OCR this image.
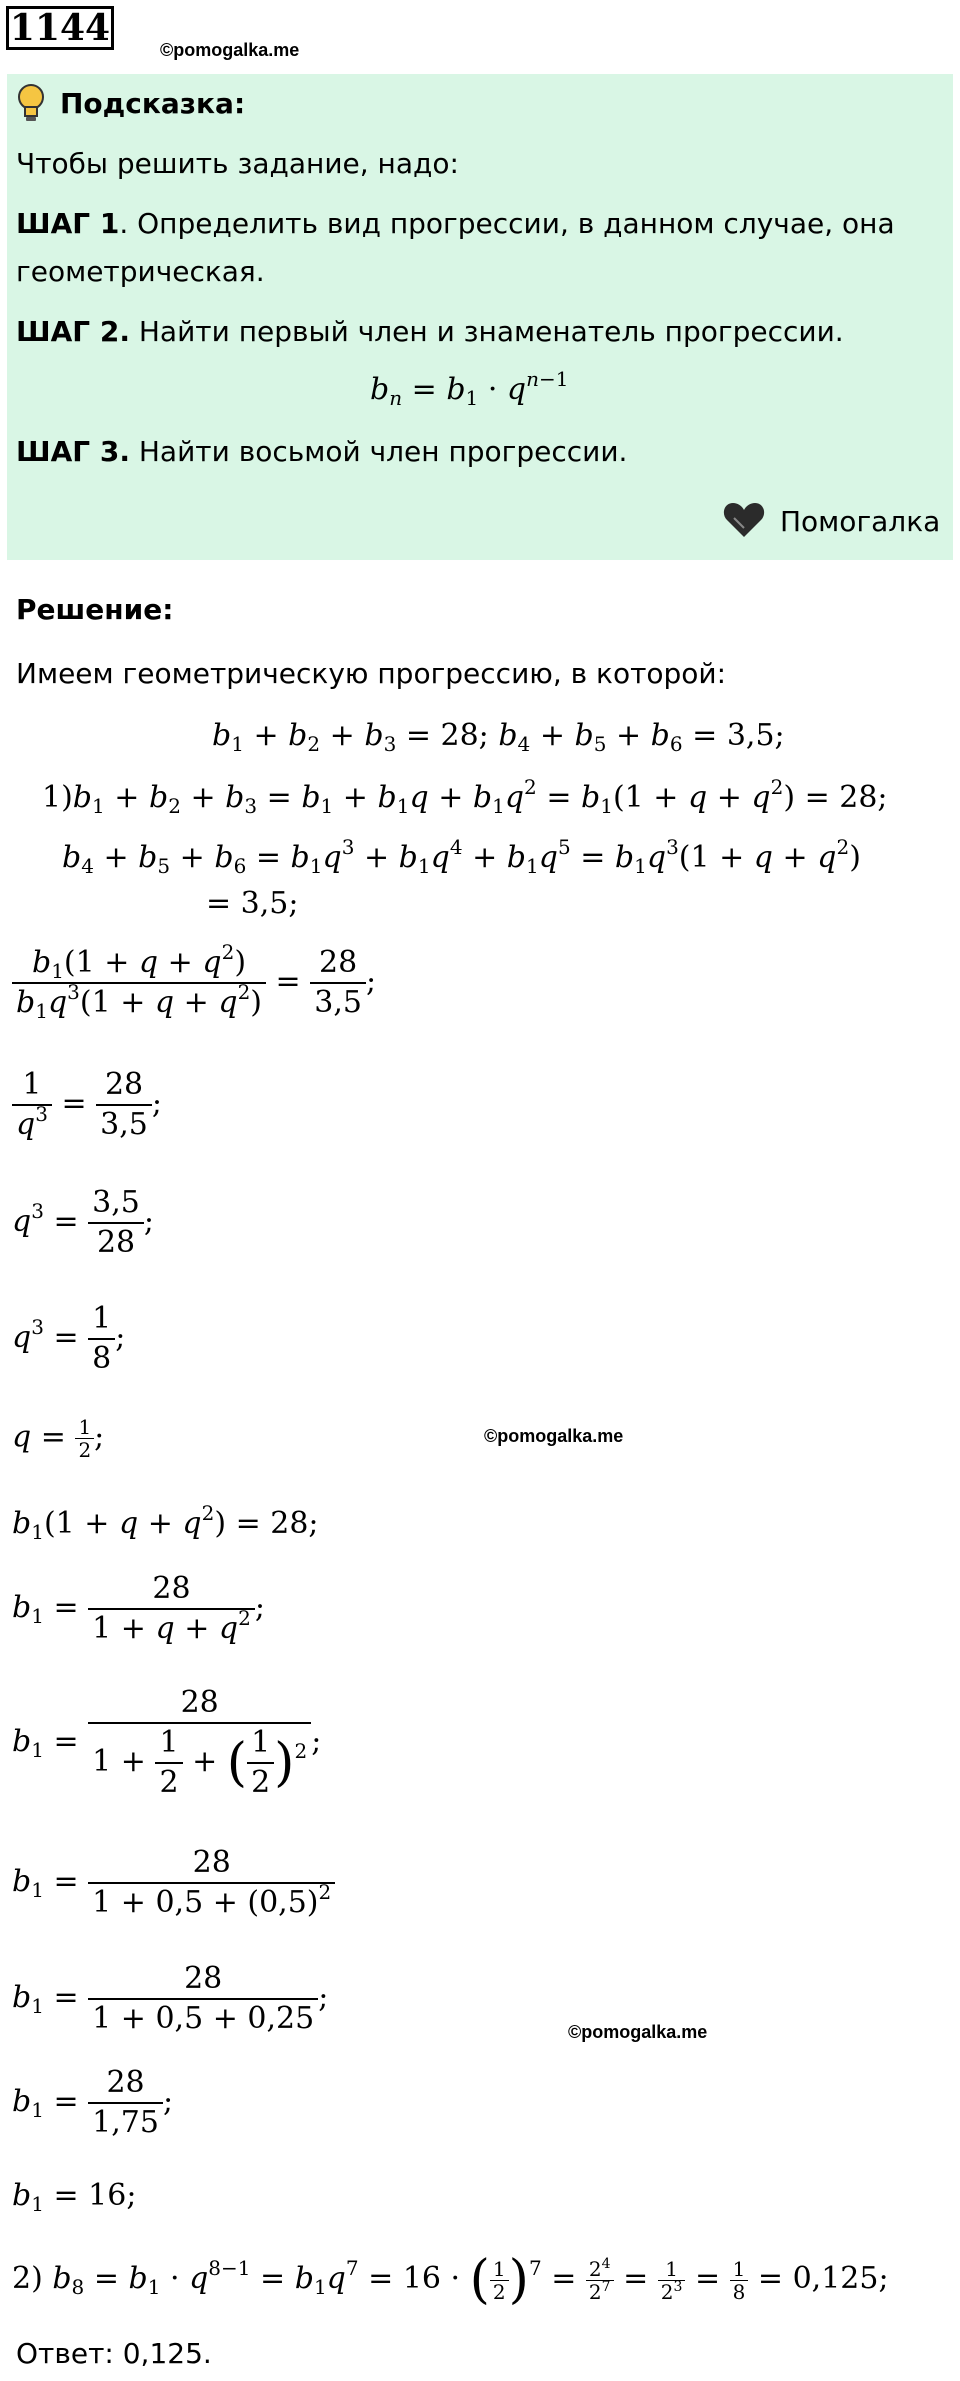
1144
©pomogalka.me
Подсказка:
Чтобы решить задание, надо:
ШАГ 1. Определить вид прогрессии, в данном случае, она
геометрическая.
ШАГ 2. Найти первый член и знаменатель прогрессии.
$b_n = b_1 \cdot q^{n-1}$
ШАГ 3. Найти восьмой член прогрессии.
Помогалка
Решение:
Имеем геометрическую прогрессию, в которой:
$b_1 + b_2 + b_3 = 28$; $b_4 + b_5 + b_6 = 3,5$;
$1)b_1 + b_2 + b_3 = b_1 + b_1q + b_1q^2 = b_1(1 + q + q^2) = 28$;
$b_4 + b_5 + b_6 = b_1q^3 + b_1q^4 + b_1q^5 = b_1q^3(1 + q + q^2)$
= 3,5;
$\frac{b_1(1 + q + q^2)}{b_1q^3(1 + q + q^2)} = \frac{28}{3,5}$ ;
$\frac{1}{q^3} = \frac{28}{3,5}$ ;
$q^3 = \frac{3,5}{28}$ ;
$q^3 = \frac{1}{8}$ ;
$q = \frac{1}{2}$ ;	©pomogalka.me
$b_1(1 + q + q^2) = 28$;
$b_1 = \frac{28}{1 + q + q^2}$ ;
$b_1 = \frac{28}{1 + \frac{1}{2} + ( \frac{1}{2} )^2}$ ;
$b_1 = \frac{28}{1 + 0,5 + (0,5)^2}$
$b_1 = \frac{28}{1 + 0,5 + 0,25}$ ;
©pomogalka.me
$b_1 = \frac{28}{1,75}$ ;
$b_1 = 16$;
2) $b_8 = b_1 \cdot q^{8-1} = b_1q^7 = 16$ · ( $\frac{1}{2} )^7 = \frac{2^4}{2^7} = \frac{1}{2^3} = \frac{1}{8} = 0,125$;
Ответ: 0,125.
